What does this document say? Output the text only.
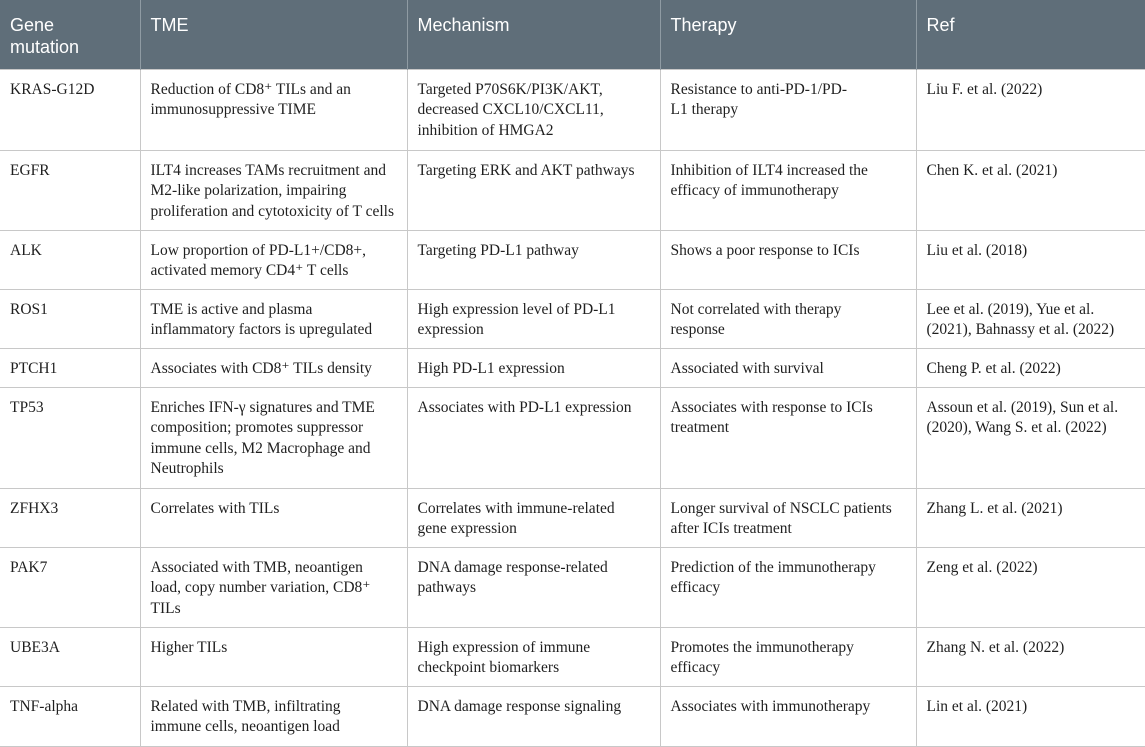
Gene
mutation	TME	Mechanism	Therapy	Ref
KRAS-G12D	Reduction of CD8⁺ TILs and an
immunosuppressive TIME	Targeted P70S6K/PI3K/AKT,
decreased CXCL10/CXCL11,
inhibition of HMGA2	Resistance to anti-PD-1/PD-
L1 therapy	Liu F. et al. (2022)
EGFR	ILT4 increases TAMs recruitment and
M2-like polarization, impairing
proliferation and cytotoxicity of T cells	Targeting ERK and AKT pathways	Inhibition of ILT4 increased the
efficacy of immunotherapy	Chen K. et al. (2021)
ALK	Low proportion of PD-L1+/CD8+,
activated memory CD4⁺ T cells	Targeting PD-L1 pathway	Shows a poor response to ICIs	Liu et al. (2018)
ROS1	TME is active and plasma
inflammatory factors is upregulated	High expression level of PD-L1
expression	Not correlated with therapy
response	Lee et al. (2019), Yue et al.
(2021), Bahnassy et al. (2022)
PTCH1	Associates with CD8⁺ TILs density	High PD-L1 expression	Associated with survival	Cheng P. et al. (2022)
TP53	Enriches IFN-γ signatures and TME
composition; promotes suppressor
immune cells, M2 Macrophage and
Neutrophils	Associates with PD-L1 expression	Associates with response to ICIs
treatment	Assoun et al. (2019), Sun et al.
(2020), Wang S. et al. (2022)
ZFHX3	Correlates with TILs	Correlates with immune-related
gene expression	Longer survival of NSCLC patients
after ICIs treatment	Zhang L. et al. (2021)
PAK7	Associated with TMB, neoantigen
load, copy number variation, CD8⁺
TILs	DNA damage response-related
pathways	Prediction of the immunotherapy
efficacy	Zeng et al. (2022)
UBE3A	Higher TILs	High expression of immune
checkpoint biomarkers	Promotes the immunotherapy
efficacy	Zhang N. et al. (2022)
TNF-alpha	Related with TMB, infiltrating
immune cells, neoantigen load	DNA damage response signaling	Associates with immunotherapy	Lin et al. (2021)
